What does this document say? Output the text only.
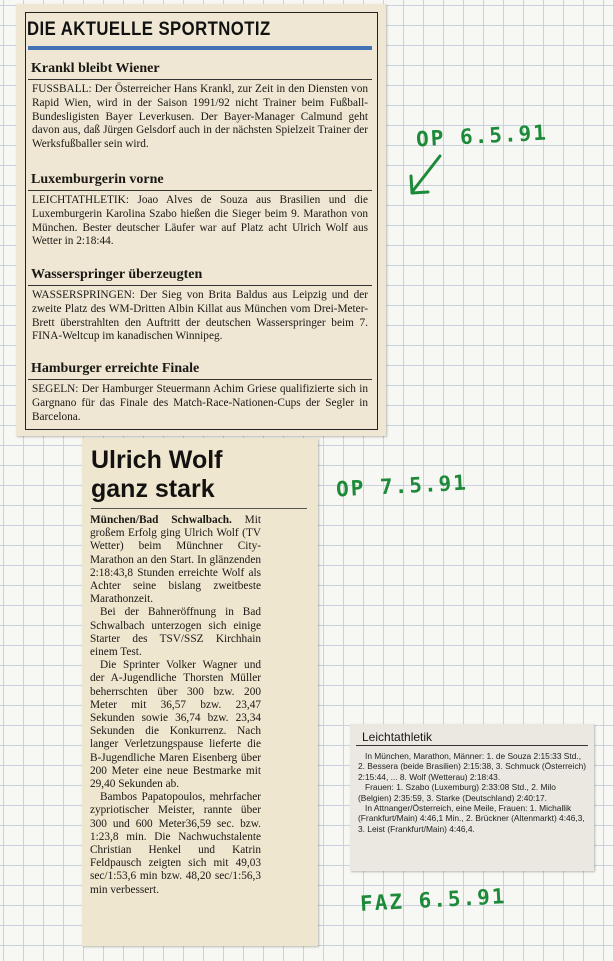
DIE AKTUELLE SPORTNOTIZ
Krankl bleibt Wiener

FUSSBALL: Der Österreicher Hans Krankl, zur Zeit in den Diensten von Rapid Wien, wird in der Saison 1991/92 nicht Trainer beim Fußball-Bundesligisten Bayer Leverkusen. Der Bayer-Manager Calmund geht davon aus, daß Jürgen Gelsdorf auch in der nächsten Spielzeit Trainer der Werksfußballer sein wird.

Luxemburgerin vorne

LEICHTATHLETIK: Joao Alves de Souza aus Brasilien und die Luxemburgerin Karolina Szabo hießen die Sieger beim 9. Marathon von München. Bester deutscher Läufer war auf Platz acht Ulrich Wolf aus Wetter in 2:18:44.

Wasserspringer überzeugten

WASSERSPRINGEN: Der Sieg von Brita Baldus aus Leipzig und der zweite Platz des WM-Dritten Albin Killat aus München vom Drei-Meter-Brett überstrahlten den Auftritt der deutschen Wasserspringer beim 7. FINA-Weltcup im kanadischen Winnipeg.

Hamburger erreichte Finale

SEGELN: Der Hamburger Steuermann Achim Griese qualifizierte sich in Gargnano für das Finale des Match-Race-Nationen-Cups der Segler in Barcelona.

Ulrich Wolf
ganz stark

München/Bad Schwalbach. Mit großem Erfolg ging Ulrich Wolf (TV Wetter) beim Münchner City-Marathon an den Start. In glänzenden 2:18:43,8 Stunden erreichte Wolf als Achter seine bislang zweitbeste Marathonzeit.

Bei der Bahneröffnung in Bad Schwalbach unterzogen sich einige Starter des TSV/SSZ Kirchhain einem Test.

Die Sprinter Volker Wagner und der A-Jugendliche Thorsten Müller beherrschten über 300 bzw. 200 Meter mit 36,57 bzw. 23,47 Sekunden sowie 36,74 bzw. 23,34 Sekunden die Konkurrenz. Nach langer Verletzungspause lieferte die B-Jugendliche Maren Eisenberg über 200 Meter eine neue Bestmarke mit 29,40 Sekunden ab.

Bambos Papatopoulos, mehrfacher zypriotischer Meister, rannte über 300 und 600 Meter36,59 sec. bzw. 1:23,8 min. Die Nachwuchstalente Christian Henkel und Katrin Feldpausch zeigten sich mit 49,03 sec/1:53,6 min bzw. 48,20 sec/1:56,3 min verbessert.

Leichtathletik

In München, Marathon, Männer: 1. de Souza 2:15:33 Std., 2. Bessera (beide Brasilien) 2:15:38, 3. Schmuck (Österreich) 2:15:44, ... 8. Wolf (Wetterau) 2:18:43.

Frauen: 1. Szabo (Luxemburg) 2:33:08 Std., 2. Milo (Belgien) 2:35:59, 3. Starke (Deutschland) 2:40:17.

In Attnanger/Österreich, eine Meile, Frauen: 1. Michallik (Frankfurt/Main) 4:46,1 Min., 2. Brückner (Altenmarkt) 4:46,3, 3. Leist (Frankfurt/Main) 4:46,4.

OP 6.5.91
OP 7.5.91
FAZ 6.5.91
